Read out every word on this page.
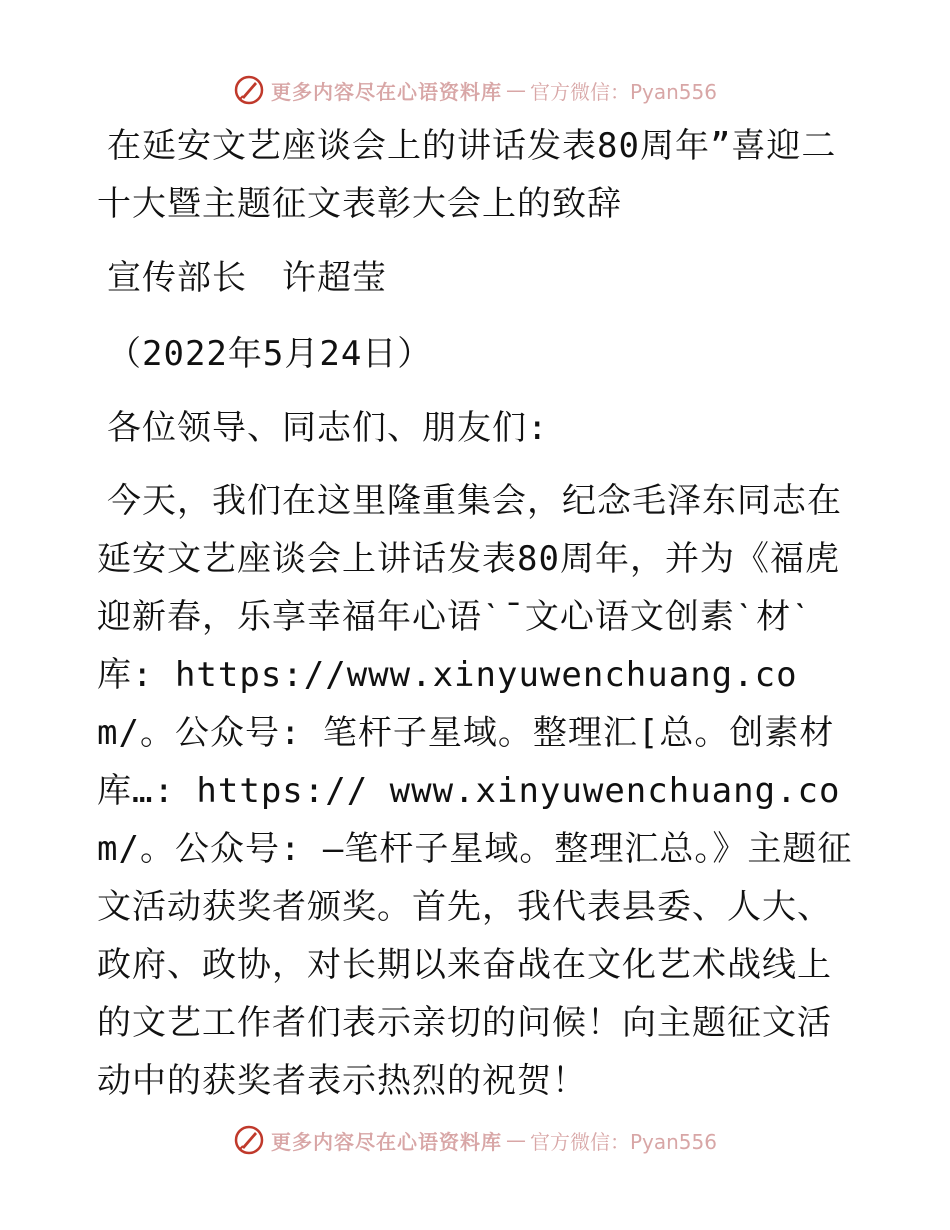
更多内容尽在心语资料库 — 官方微信：Pyan556

在延安文艺座谈会上的讲话发表80周年”喜迎二十大暨主题征文表彰大会上的致辞

宣传部长　许超莹

（2022年5月24日）

各位领导、同志们、朋友们:

今天，我们在这里隆重集会，纪念毛泽东同志在延安文艺座谈会上讲话发表80周年，并为《福虎迎新春，乐享幸福年心语ˋˉ文心语文创素ˋ材ˋ库: https://www.xinyuwenchuang.com/。公众号: 笔杆子星域。整理汇[总。创素材库…: https:// www.xinyuwenchuang.com/。公众号: —笔杆子星域。整理汇总。》主题征文活动获奖者颁奖。首先，我代表县委、人大、政府、政协，对长期以来奋战在文化艺术战线上的文艺工作者们表示亲切的问候！向主题征文活动中的获奖者表示热烈的祝贺！

更多内容尽在心语资料库 — 官方微信：Pyan556
